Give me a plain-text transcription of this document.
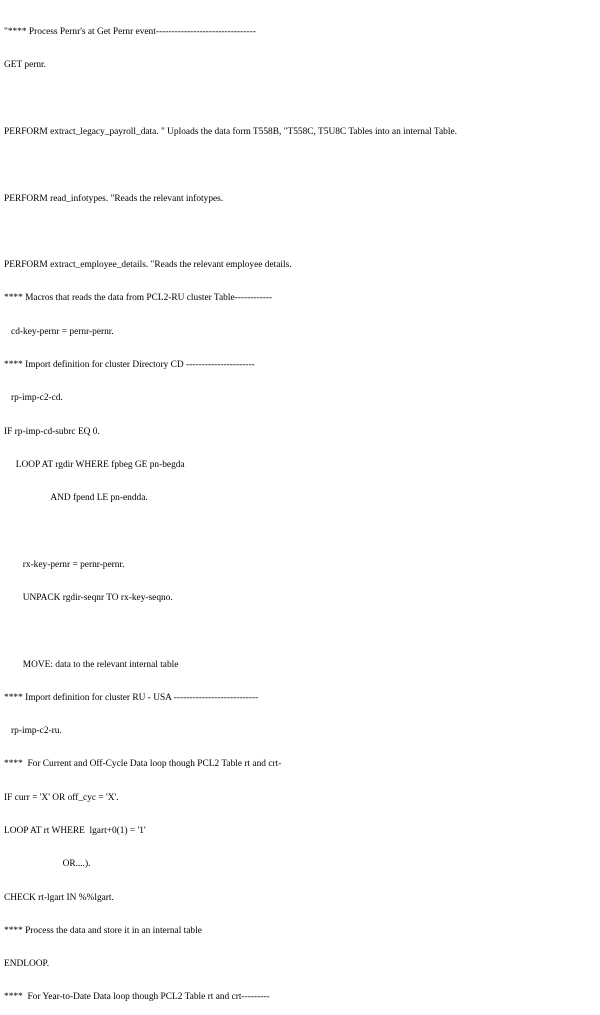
"**** Process Pernr's at Get Pernr event--------------------------------

GET pernr.

PERFORM extract_legacy_payroll_data. " Uploads the data form T558B, "T558C, T5U8C Tables into an internal Table.

PERFORM read_infotypes. "Reads the relevant infotypes.

PERFORM extract_employee_details. "Reads the relevant employee details.

**** Macros that reads the data from PCL2-RU cluster Table------------

cd-key-pernr = pernr-pernr.

**** Import definition for cluster Directory CD ----------------------

rp-imp-c2-cd.

IF rp-imp-cd-subrc EQ 0.

LOOP AT rgdir WHERE fpbeg GE pn-begda

AND fpend LE pn-endda.

rx-key-pernr = pernr-pernr.

UNPACK rgdir-seqnr TO rx-key-seqno.

MOVE: data to the relevant internal table

**** Import definition for cluster RU - USA ---------------------------

rp-imp-c2-ru.

****  For Current and Off-Cycle Data loop though PCL2 Table rt and crt-

IF curr = 'X' OR off_cyc = 'X'.

LOOP AT rt WHERE  lgart+0(1) = '1'

OR....).

CHECK rt-lgart IN %%lgart.

**** Process the data and store it in an internal table

ENDLOOP.

****  For Year-to-Date Data loop though PCL2 Table rt and crt---------
